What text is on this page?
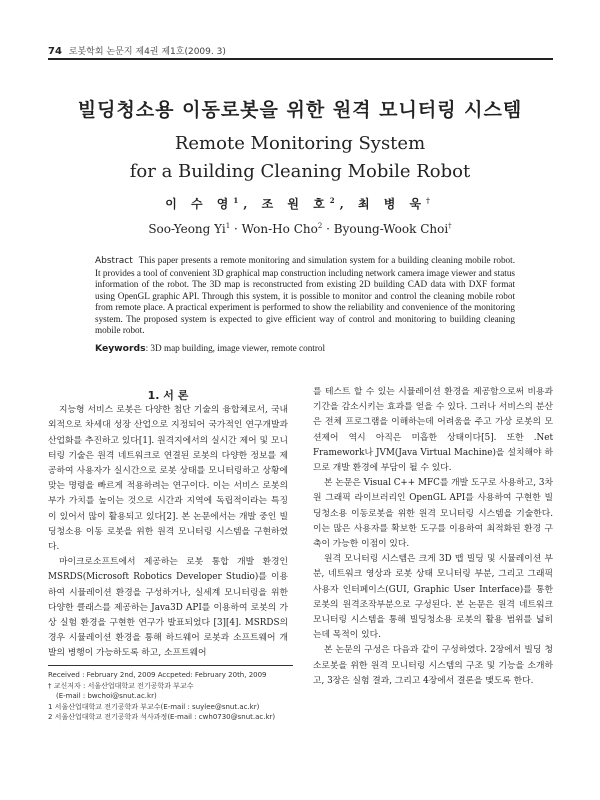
74 로봇학회 논문지 제4권 제1호(2009. 3)
빌딩청소용 이동로봇을 위한 원격 모니터링 시스템
Remote Monitoring System
for a Building Cleaning Mobile Robot
이 수 영$^1$, 조 원 호$^2$, 최 병 욱†
Soo-Yeong $Yi^1 \cdot Won-Ho$ Cho$^2$ · Byoung-Wook Choi†
Abstract This paper presents a remote monitoring and simulation system for a building cleaning mobile robot. It provides a tool of convenient 3D graphical map construction including network camera image viewer and status information of the robot. The 3D map is reconstructed from existing 2D building CAD data with DXF format using OpenGL graphic API. Through this system, it is possible to monitor and control the cleaning mobile robot from remote place. A practical experiment is performed to show the reliability and convenience of the monitoring system. The proposed system is expected to give efficient way of control and monitoring to building cleaning mobile robot.
Keywords: 3D map building, image viewer, remote control

1. 서 론

지능형 서비스 로봇은 다양한 첨단 기술의 융합체로서, 국내외적으로 차세대 성장 산업으로 지정되어 국가적인 연구개발과 산업화를 추진하고 있다[1]. 원격지에서의 실시간 제어 및 모니터링 기술은 원격 네트워크로 연결된 로봇의 다양한 정보를 제공하여 사용자가 실시간으로 로봇 상태를 모니터링하고 상황에 맞는 명령을 빠르게 적용하려는 연구이다. 이는 서비스 로봇의 부가 가치를 높이는 것으로 시간과 지역에 독립적이라는 특징이 있어서 많이 활용되고 있다[2]. 본 논문에서는 개발 중인 빌딩청소용 이동 로봇을 위한 원격 모니터링 시스템을 구현하였다.

마이크로소프트에서 제공하는 로봇 통합 개발 환경인 MSRDS(Microsoft Robotics Developer Studio)를 이용하여 시뮬레이션 환경을 구성하거나, 실세계 모니터링을 위한 다양한 클래스를 제공하는 Java3D API를 이용하여 로봇의 가상 실험 환경을 구현한 연구가 발표되었다 [3][4]. MSRDS의 경우 시뮬레이션 환경을 통해 하드웨어 로봇과 소프트웨어 개발의 병행이 가능하도록 하고, 소프트웨어

를 테스트 할 수 있는 시뮬레이션 환경을 제공함으로써 비용과 기간을 감소시키는 효과를 얻을 수 있다. 그러나 서비스의 분산은 전체 프로그램을 이해하는데 어려움을 주고 가상 로봇의 모션제어 역시 아직은 미흡한 상태이다[5]. 또한 .Net Framework나 JVM(Java Virtual Machine)을 설치해야 하므로 개발 환경에 부담이 될 수 있다.

본 논문은 Visual C++ MFC를 개발 도구로 사용하고, 3차원 그래픽 라이브러리인 OpenGL API를 사용하여 구현한 빌딩청소용 이동로봇을 위한 원격 모니터링 시스템을 기술한다. 이는 많은 사용자를 확보한 도구를 이용하여 최적화된 환경 구축이 가능한 이점이 있다.

원격 모니터링 시스템은 크게 3D 맵 빌딩 및 시뮬레이션 부분, 네트워크 영상과 로봇 상태 모니터링 부분, 그리고 그래픽 사용자 인터페이스(GUI, Graphic User Interface)를 통한 로봇의 원격조작부분으로 구성된다. 본 논문은 원격 네트워크 모니터링 시스템을 통해 빌딩청소용 로봇의 활용 범위를 넓히는데 목적이 있다.

본 논문의 구성은 다음과 같이 구성하였다. 2장에서 빌딩 청소로봇을 위한 원격 모니터링 시스템의 구조 및 기능을 소개하고, 3장은 실험 결과, 그리고 4장에서 결론을 맺도록 한다.

Received : February 2nd, 2009 Accpeted: February 20th, 2009
† 교신저자 : 서울산업대학교 전기공학과 부교수
(E-mail : bwchoi@snut.ac.kr)
1 서울산업대학교 전기공학과 부교수(E-mail : suylee@snut.ac.kr)
2 서울산업대학교 전기공학과 석사과정(E-mail : cwh0730@snut.ac.kr)
